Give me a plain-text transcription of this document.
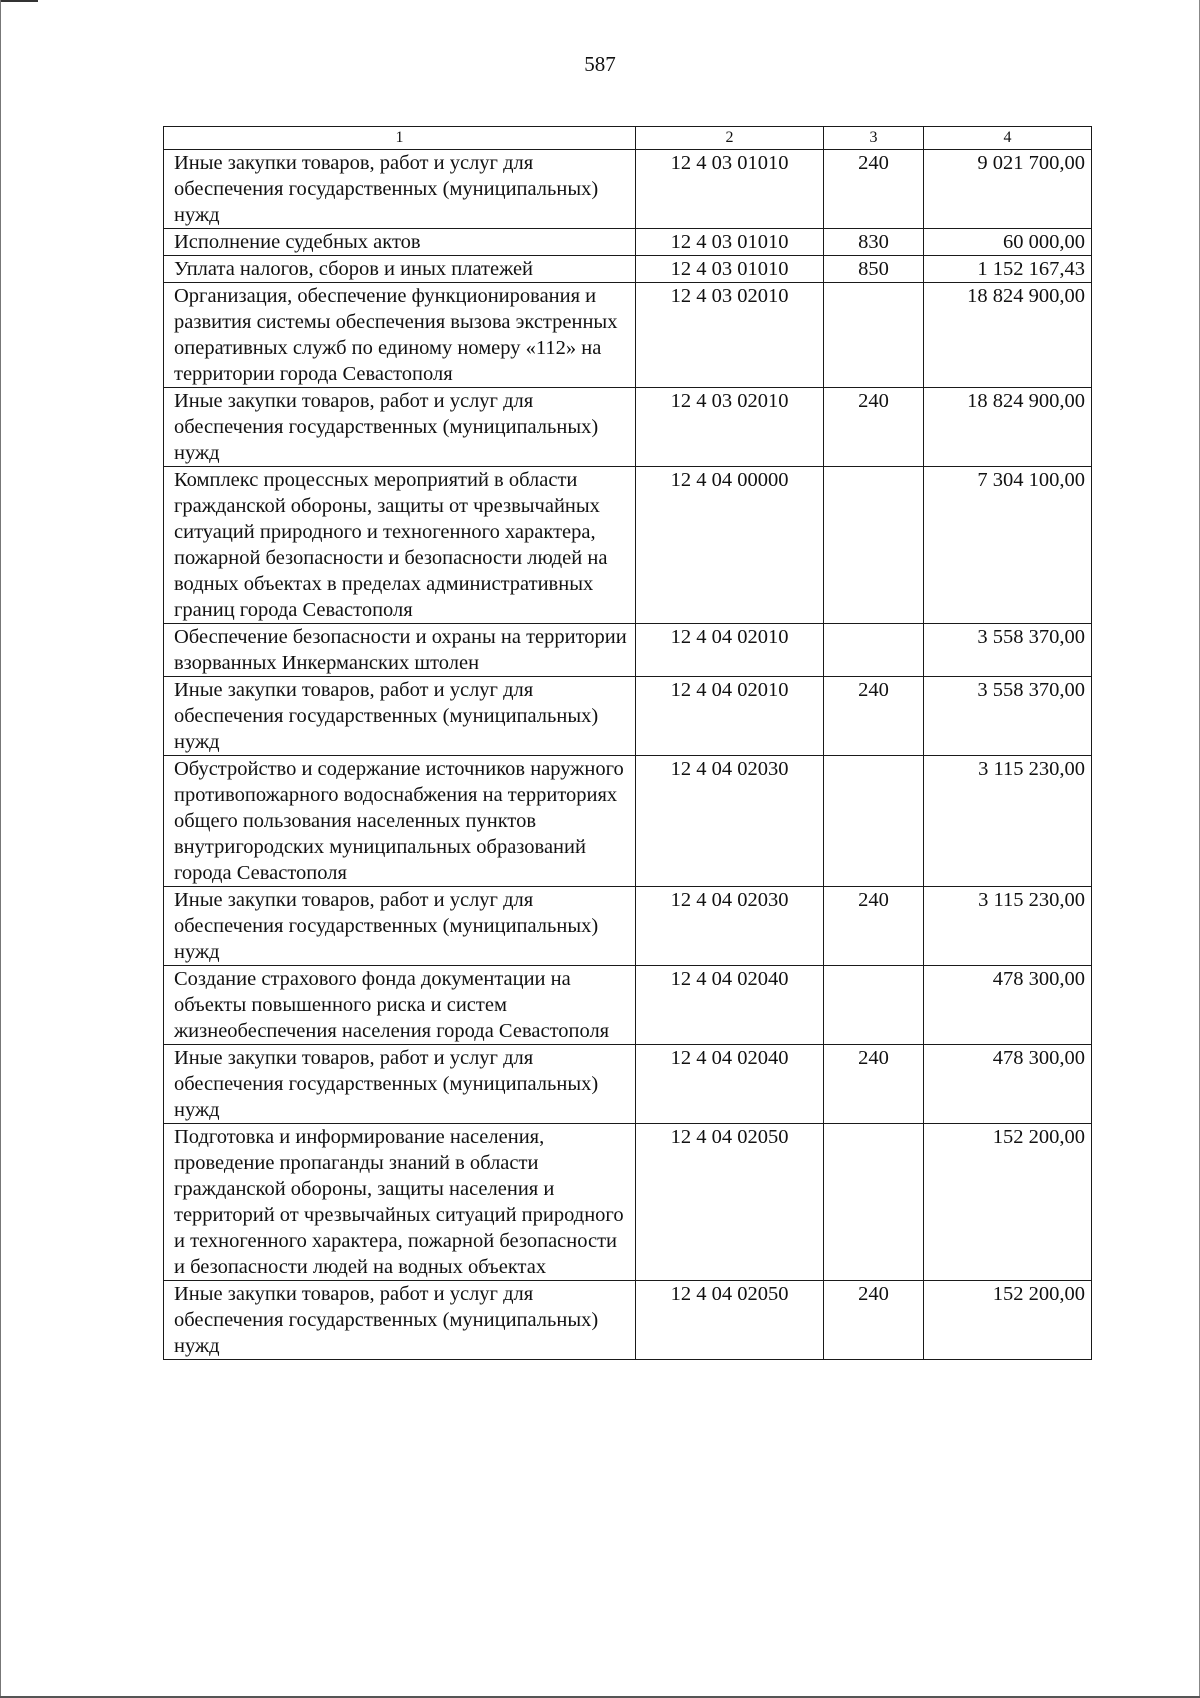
587
1	2	3	4
Иные закупки товаров, работ и услуг для обеспечения государственных (муниципальных) нужд	12 4 03 01010	240	9 021 700,00
Исполнение судебных актов	12 4 03 01010	830	60 000,00
Уплата налогов, сборов и иных платежей	12 4 03 01010	850	1 152 167,43
Организация, обеспечение функционирования и развития системы обеспечения вызова экстренных оперативных служб по единому номеру «112» на территории города Севастополя	12 4 03 02010		18 824 900,00
Иные закупки товаров, работ и услуг для обеспечения государственных (муниципальных) нужд	12 4 03 02010	240	18 824 900,00
Комплекс процессных мероприятий в области гражданской обороны, защиты от чрезвычайных ситуаций природного и техногенного характера, пожарной безопасности и безопасности людей на водных объектах в пределах административных границ города Севастополя	12 4 04 00000		7 304 100,00
Обеспечение безопасности и охраны на территории взорванных Инкерманских штолен	12 4 04 02010		3 558 370,00
Иные закупки товаров, работ и услуг для обеспечения государственных (муниципальных) нужд	12 4 04 02010	240	3 558 370,00
Обустройство и содержание источников наружного противопожарного водоснабжения на территориях общего пользования населенных пунктов внутригородских муниципальных образований города Севастополя	12 4 04 02030		3 115 230,00
Иные закупки товаров, работ и услуг для обеспечения государственных (муниципальных) нужд	12 4 04 02030	240	3 115 230,00
Создание страхового фонда документации на объекты повышенного риска и систем жизнеобеспечения населения города Севастополя	12 4 04 02040		478 300,00
Иные закупки товаров, работ и услуг для обеспечения государственных (муниципальных) нужд	12 4 04 02040	240	478 300,00
Подготовка и информирование населения, проведение пропаганды знаний в области гражданской обороны, защиты населения и территорий от чрезвычайных ситуаций природного и техногенного характера, пожарной безопасности и безопасности людей на водных объектах	12 4 04 02050		152 200,00
Иные закупки товаров, работ и услуг для обеспечения государственных (муниципальных) нужд	12 4 04 02050	240	152 200,00
